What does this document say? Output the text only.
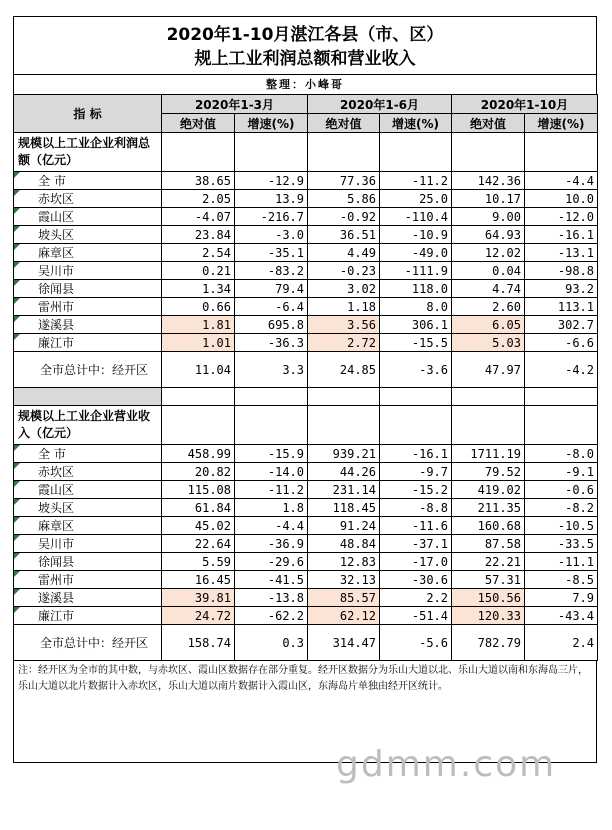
2020年1-10月湛江各县（市、区）
规上工业利润总额和营业收入
整理：小峰哥
指 标	2020年1-3月		2020年1-6月		2020年1-10月	
	绝对值	增速(%)	绝对值	增速(%)	绝对值	增速(%)
规模以上工业企业利润总额（亿元）						
全 市	38.65	-12.9	77.36	-11.2	142.36	-4.4
赤坎区	2.05	13.9	5.86	25.0	10.17	10.0
霞山区	-4.07	-216.7	-0.92	-110.4	9.00	-12.0
坡头区	23.84	-3.0	36.51	-10.9	64.93	-16.1
麻章区	2.54	-35.1	4.49	-49.0	12.02	-13.1
吴川市	0.21	-83.2	-0.23	-111.9	0.04	-98.8
徐闻县	1.34	79.4	3.02	118.0	4.74	93.2
雷州市	0.66	-6.4	1.18	8.0	2.60	113.1
遂溪县	1.81	695.8	3.56	306.1	6.05	302.7
廉江市	1.01	-36.3	2.72	-15.5	5.03	-6.6
全市总计中：经开区	11.04	3.3	24.85	-3.6	47.97	-4.2

规模以上工业企业营业收入（亿元）						
全 市	458.99	-15.9	939.21	-16.1	1711.19	-8.0
赤坎区	20.82	-14.0	44.26	-9.7	79.52	-9.1
霞山区	115.08	-11.2	231.14	-15.2	419.02	-0.6
坡头区	61.84	1.8	118.45	-8.8	211.35	-8.2
麻章区	45.02	-4.4	91.24	-11.6	160.68	-10.5
吴川市	22.64	-36.9	48.84	-37.1	87.58	-33.5
徐闻县	5.59	-29.6	12.83	-17.0	22.21	-11.1
雷州市	16.45	-41.5	32.13	-30.6	57.31	-8.5
遂溪县	39.81	-13.8	85.57	2.2	150.56	7.9
廉江市	24.72	-62.2	62.12	-51.4	120.33	-43.4
全市总计中：经开区	158.74	0.3	314.47	-5.6	782.79	2.4
注：经开区为全市的其中数，与赤坎区、霞山区数据存在部分重复。经开区数据分为乐山大道以北、乐山大道以南和东海岛三片，乐山大道以北片数据计入赤坎区，乐山大道以南片数据计入霞山区，东海岛片单独由经开区统计。
gdmm.com
